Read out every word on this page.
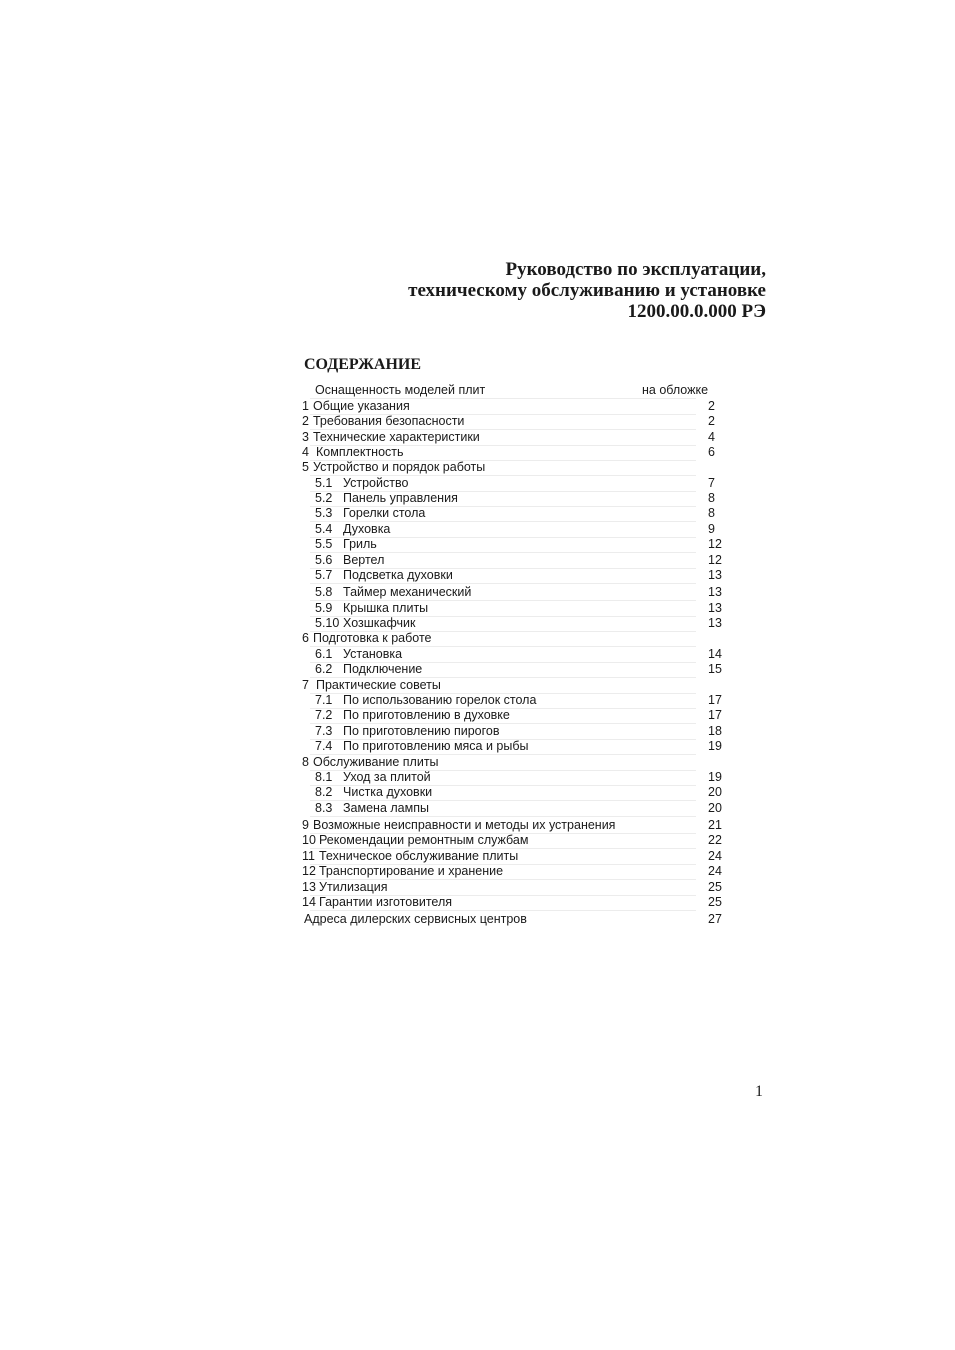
Руководство по эксплуатации,
техническому обслуживанию и установке
1200.00.0.000 РЭ
СОДЕРЖАНИЕ
Оснащенность моделей плит	на обложке
1 Общие указания	2
2 Требования безопасности	2
3 Технические характеристики	4
4 Комплектность	6
5 Устройство и порядок работы
5.1 Устройство	7
5.2 Панель управления	8
5.3 Горелки стола	8
5.4 Духовка	9
5.5 Гриль	12
5.6 Вертел	12
5.7 Подсветка духовки	13
5.8 Таймер механический	13
5.9 Крышка плиты	13
5.10 Хозшкафчик	13
6 Подготовка к работе
6.1 Установка	14
6.2 Подключение	15
7 Практические советы
7.1 По использованию горелок стола	17
7.2 По приготовлению в духовке	17
7.3 По приготовлению пирогов	18
7.4 По приготовлению мяса и рыбы	19
8 Обслуживание плиты
8.1 Уход за плитой	19
8.2 Чистка духовки	20
8.3 Замена лампы	20
9 Возможные неисправности и методы их устранения	21
10 Рекомендации ремонтным службам	22
11 Техническое обслуживание плиты	24
12 Транспортирование и хранение	24
13 Утилизация	25
14 Гарантии изготовителя	25
Адреса дилерских сервисных центров	27
1
